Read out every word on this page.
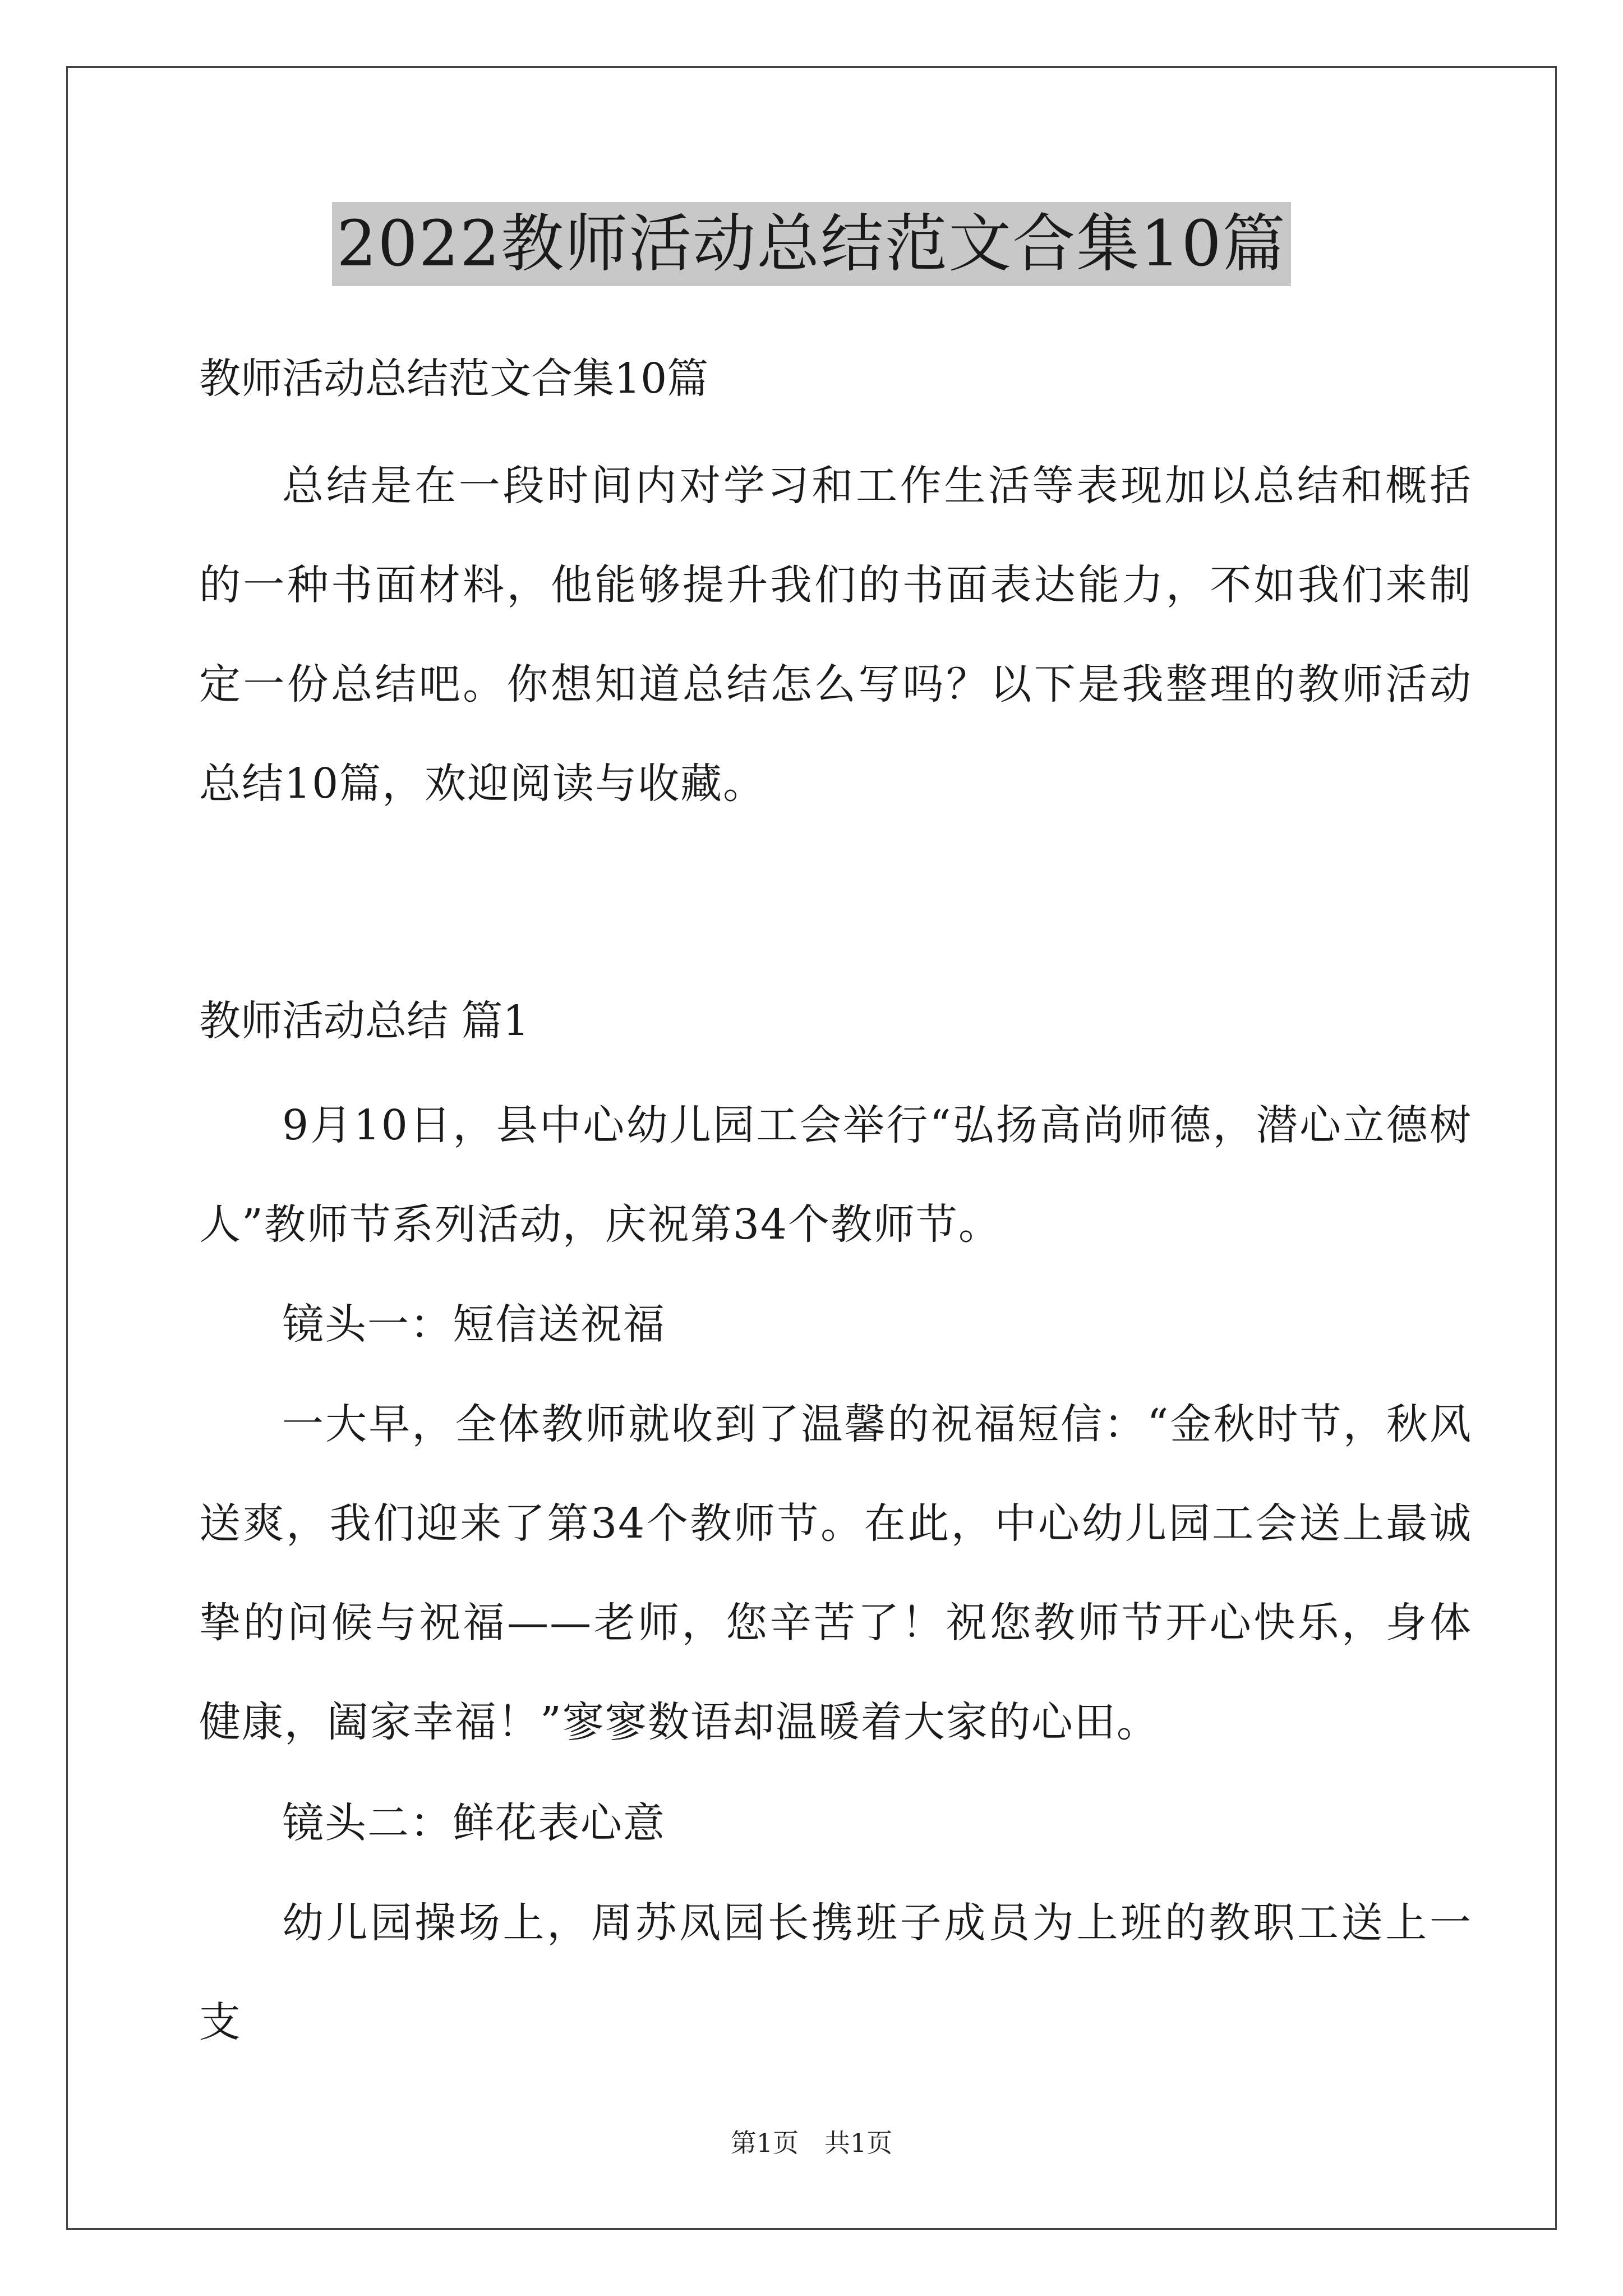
2022教师活动总结范文合集10篇
教师活动总结范文合集10篇
总结是在一段时间内对学习和工作生活等表现加以总结和概括的一种书面材料，他能够提升我们的书面表达能力，不如我们来制定一份总结吧。你想知道总结怎么写吗？以下是我整理的教师活动总结10篇，欢迎阅读与收藏。
教师活动总结 篇1
9月10日，县中心幼儿园工会举行“弘扬高尚师德，潜心立德树人”教师节系列活动，庆祝第34个教师节。
镜头一：短信送祝福
一大早，全体教师就收到了温馨的祝福短信：“金秋时节，秋风送爽，我们迎来了第34个教师节。在此，中心幼儿园工会送上最诚挚的问候与祝福——老师，您辛苦了！祝您教师节开心快乐，身体健康，阖家幸福！”寥寥数语却温暖着大家的心田。
镜头二：鲜花表心意
幼儿园操场上，周苏凤园长携班子成员为上班的教职工送上一支
第1页 共1页
